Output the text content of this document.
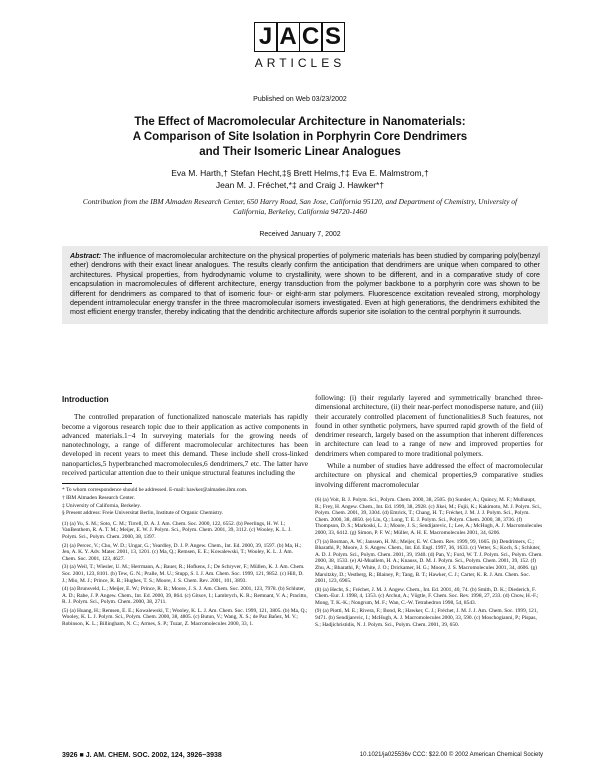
J A C S
ARTICLES
Published on Web 03/23/2002
The Effect of Macromolecular Architecture in Nanomaterials:
A Comparison of Site Isolation in Porphyrin Core Dendrimers
and Their Isomeric Linear Analogues
Eva M. Harth,† Stefan Hecht,‡§ Brett Helms,†‡ Eva E. Malmstrom,†
Jean M. J. Fréchet,*‡ and Craig J. Hawker*†
Contribution from the IBM Almaden Research Center, 650 Harry Road, San Jose, California 95120, and Department of Chemistry, University of California, Berkeley, California 94720-1460
Received January 7, 2002
Abstract: The influence of macromolecular architecture on the physical properties of polymeric materials has been studied by comparing poly(benzyl ether) dendrons with their exact linear analogues. The results clearly confirm the anticipation that dendrimers are unique when compared to other architectures. Physical properties, from hydrodynamic volume to crystallinity, were shown to be different, and in a comparative study of core encapsulation in macromolecules of different architecture, energy transduction from the polymer backbone to a porphyrin core was shown to be different for dendrimers as compared to that of isomeric four- or eight-arm star polymers. Fluorescence excitation revealed strong, morphology dependent intramolecular energy transfer in the three macromolecular isomers investigated. Even at high generations, the dendrimers exhibited the most efficient energy transfer, thereby indicating that the dendritic architecture affords superior site isolation to the central porphyrin it surrounds.
Introduction

The controlled preparation of functionalized nanoscale materials has rapidly become a vigorous research topic due to their application as active components in advanced materials.1−4 In surveying materials for the growing needs of nanotechnology, a range of different macromolecular architectures has been developed in recent years to meet this demand. These include shell cross-linked nanoparticles,5 hyperbranched macromolecules,6 dendrimers,7 etc. The latter have received particular attention due to their unique structural features including the

* To whom correspondence should be addressed. E-mail: hawker@almaden.ibm.com.
† IBM Almaden Research Center.
‡ University of California, Berkeley.
§ Present address: Freie Universitat Berlin, Institute of Organic Chemistry.
(1) (a) Yu, S. M.; Soto, C. M.; Tirrell, D. A. J. Am. Chem. Soc. 2000, 122, 6552. (b) Peerlings, H. W. I.; VanBenthem, R. A. T. M.; Meijer, E. W. J. Polym. Sci., Polym. Chem. 2001, 39, 3112. (c) Wooley, K. L. J. Polym. Sci., Polym. Chem. 2000, 38, 1397.
(2) (a) Percec, V.; Cho, W. D.; Ungar, G.; Yeardley, D. J. P. Angew. Chem., Int. Ed. 2000, 39, 1597. (b) Ma, H.; Jen, A. K. Y. Adv. Mater. 2001, 13, 1201. (c) Ma, Q.; Remsen, E. E.; Kowalewski, T.; Wooley, K. L. J. Am. Chem. Soc. 2001, 123, 4627.
(3) (a) Weil, T.; Wiesler, U. M.; Herrmann, A.; Bauer, R.; Hofkens, J.; De Schryver, F.; Müllen, K. J. Am. Chem. Soc. 2001, 123, 8101. (b) Tew, G. N.; Pralle, M. U.; Stupp, S. I. J. Am. Chem. Soc. 1999, 121, 9852. (c) Hill, D. J.; Mio, M. J.; Prince, R. B.; Hughes, T. S.; Moore, J. S. Chem. Rev. 2001, 101, 3893.
(4) (a) Brunsveld, L.; Meijer, E. W.; Prince, R. B.; Moore, J. S. J. Am. Chem. Soc. 2001, 123, 7978. (b) Schluter, A. D.; Rabe, J. P. Angew. Chem., Int. Ed. 2000, 39, 864. (c) Gitsov, I.; Lambrych, K. R.; Remnant, V. A.; Pracitto, R. J. Polym. Sci., Polym. Chem. 2000, 38, 2711.
(5) (a) Huang, H.; Remsen, E. E.; Kowalewski, T.; Wooley, K. L. J. Am. Chem. Soc. 1999, 121, 3805. (b) Ma, Q.; Wooley, K. L. J. Polym. Sci., Polym. Chem. 2000, 38, 4805. (c) Butun, V.; Wang, X. S.; de Paz Bañez, M. V.; Robinson, K. L.; Billingham, N. C.; Armes, S. P.; Tuzar, Z. Macromolecules 2000, 33, 1.

following: (i) their regularly layered and symmetrically branched three-dimensional architecture, (ii) their near-perfect monodisperse nature, and (iii) their accurately controlled placement of functionalities.8 Such features, not found in other synthetic polymers, have spurred rapid growth of the field of dendrimer research, largely based on the assumption that inherent differences in architecture can lead to a range of new and improved properties for dendrimers when compared to more traditional polymers.

While a number of studies have addressed the effect of macromolecular architecture on physical and chemical properties,9 comparative studies involving different macromolecular

(6) (a) Voit, B. J. Polym. Sci., Polym. Chem. 2000, 38, 2505. (b) Sunder, A.; Quincy, M. F.; Mulhaupt, R.; Frey, H. Angew. Chem., Int. Ed. 1999, 38, 2928. (c) Jikei, M.; Fujii, K.; Kakimoto, M. J. Polym. Sci., Polym. Chem. 2001, 39, 3304. (d) Emrick, T.; Chang, H. T.; Fréchet, J. M. J. J. Polym. Sci., Polym. Chem. 2000, 38, 4850. (e) Lin, Q.; Long, T. E. J. Polym. Sci., Polym. Chem. 2000, 38, 3736. (f) Thompson, D. S.; Markoski, L. J.; Moore, J. S.; Sendijarevic, I.; Lee, A.; McHugh, A. J. Macromolecules 2000, 33, 6412. (g) Simon, P. F. W.; Müller, A. H. E. Macromolecules 2001, 34, 6206.
(7) (a) Bosman, A. W.; Janssen, H. M.; Meijer, E. W. Chem. Rev. 1999, 99, 1665. (b) Dendrimers, C.; Bharathi, P.; Moore, J. S. Angew. Chem., Int. Ed. Engl. 1997, 36, 1633. (c) Vetter, S.; Koch, S.; Schluter, A. D. J. Polym. Sci., Polym. Chem. 2001, 39, 1940. (d) Pan, Y.; Ford, W. T. J. Polym. Sci., Polym. Chem. 2000, 38, 1533. (e) Al-Muallem, H. A.; Knauss, D. M. J. Polym. Sci., Polym. Chem. 2001, 39, 152. (f) Zhu, A.; Bharathi, P.; White, J. O.; Drickamer, H. G.; Moore, J. S. Macromolecules 2001, 34, 4606. (g) Marsitzky, D.; Vestberg, R.; Blainey, P.; Tang, B. T.; Hawker, C. J.; Carter, K. R. J. Am. Chem. Soc. 2001, 123, 6965.
(8) (a) Hecht, S.; Fréchet, J. M. J. Angew. Chem., Int. Ed. 2001, 40, 74. (b) Smith, D. K.; Diederich, F. Chem.-Eur. J. 1998, 4, 1353. (c) Archut, A.; Vögtle, F. Chem. Soc. Rev. 1998, 27, 233. (d) Chow, H.-F.; Mong, T. K.-K.; Nongrum, M. F.; Wan, C.-W. Tetrahedron 1998, 54, 8543.
(9) (a) Piotti, M. E.; Rivera, F.; Bond, R.; Hawker, C. J.; Fréchet, J. M. J. J. Am. Chem. Soc. 1999, 121, 9471. (b) Sendijarevic, I.; McHugh, A. J. Macromolecules 2000, 33, 590. (c) Moschogianni, P.; Pispas, S.; Hadjichristidis, N. J. Polym. Sci., Polym. Chem. 2001, 39, 650.
3926 ■ J. AM. CHEM. SOC. 2002, 124, 3926−3938	10.1021/ja025536v CCC: $22.00 © 2002 American Chemical Society
